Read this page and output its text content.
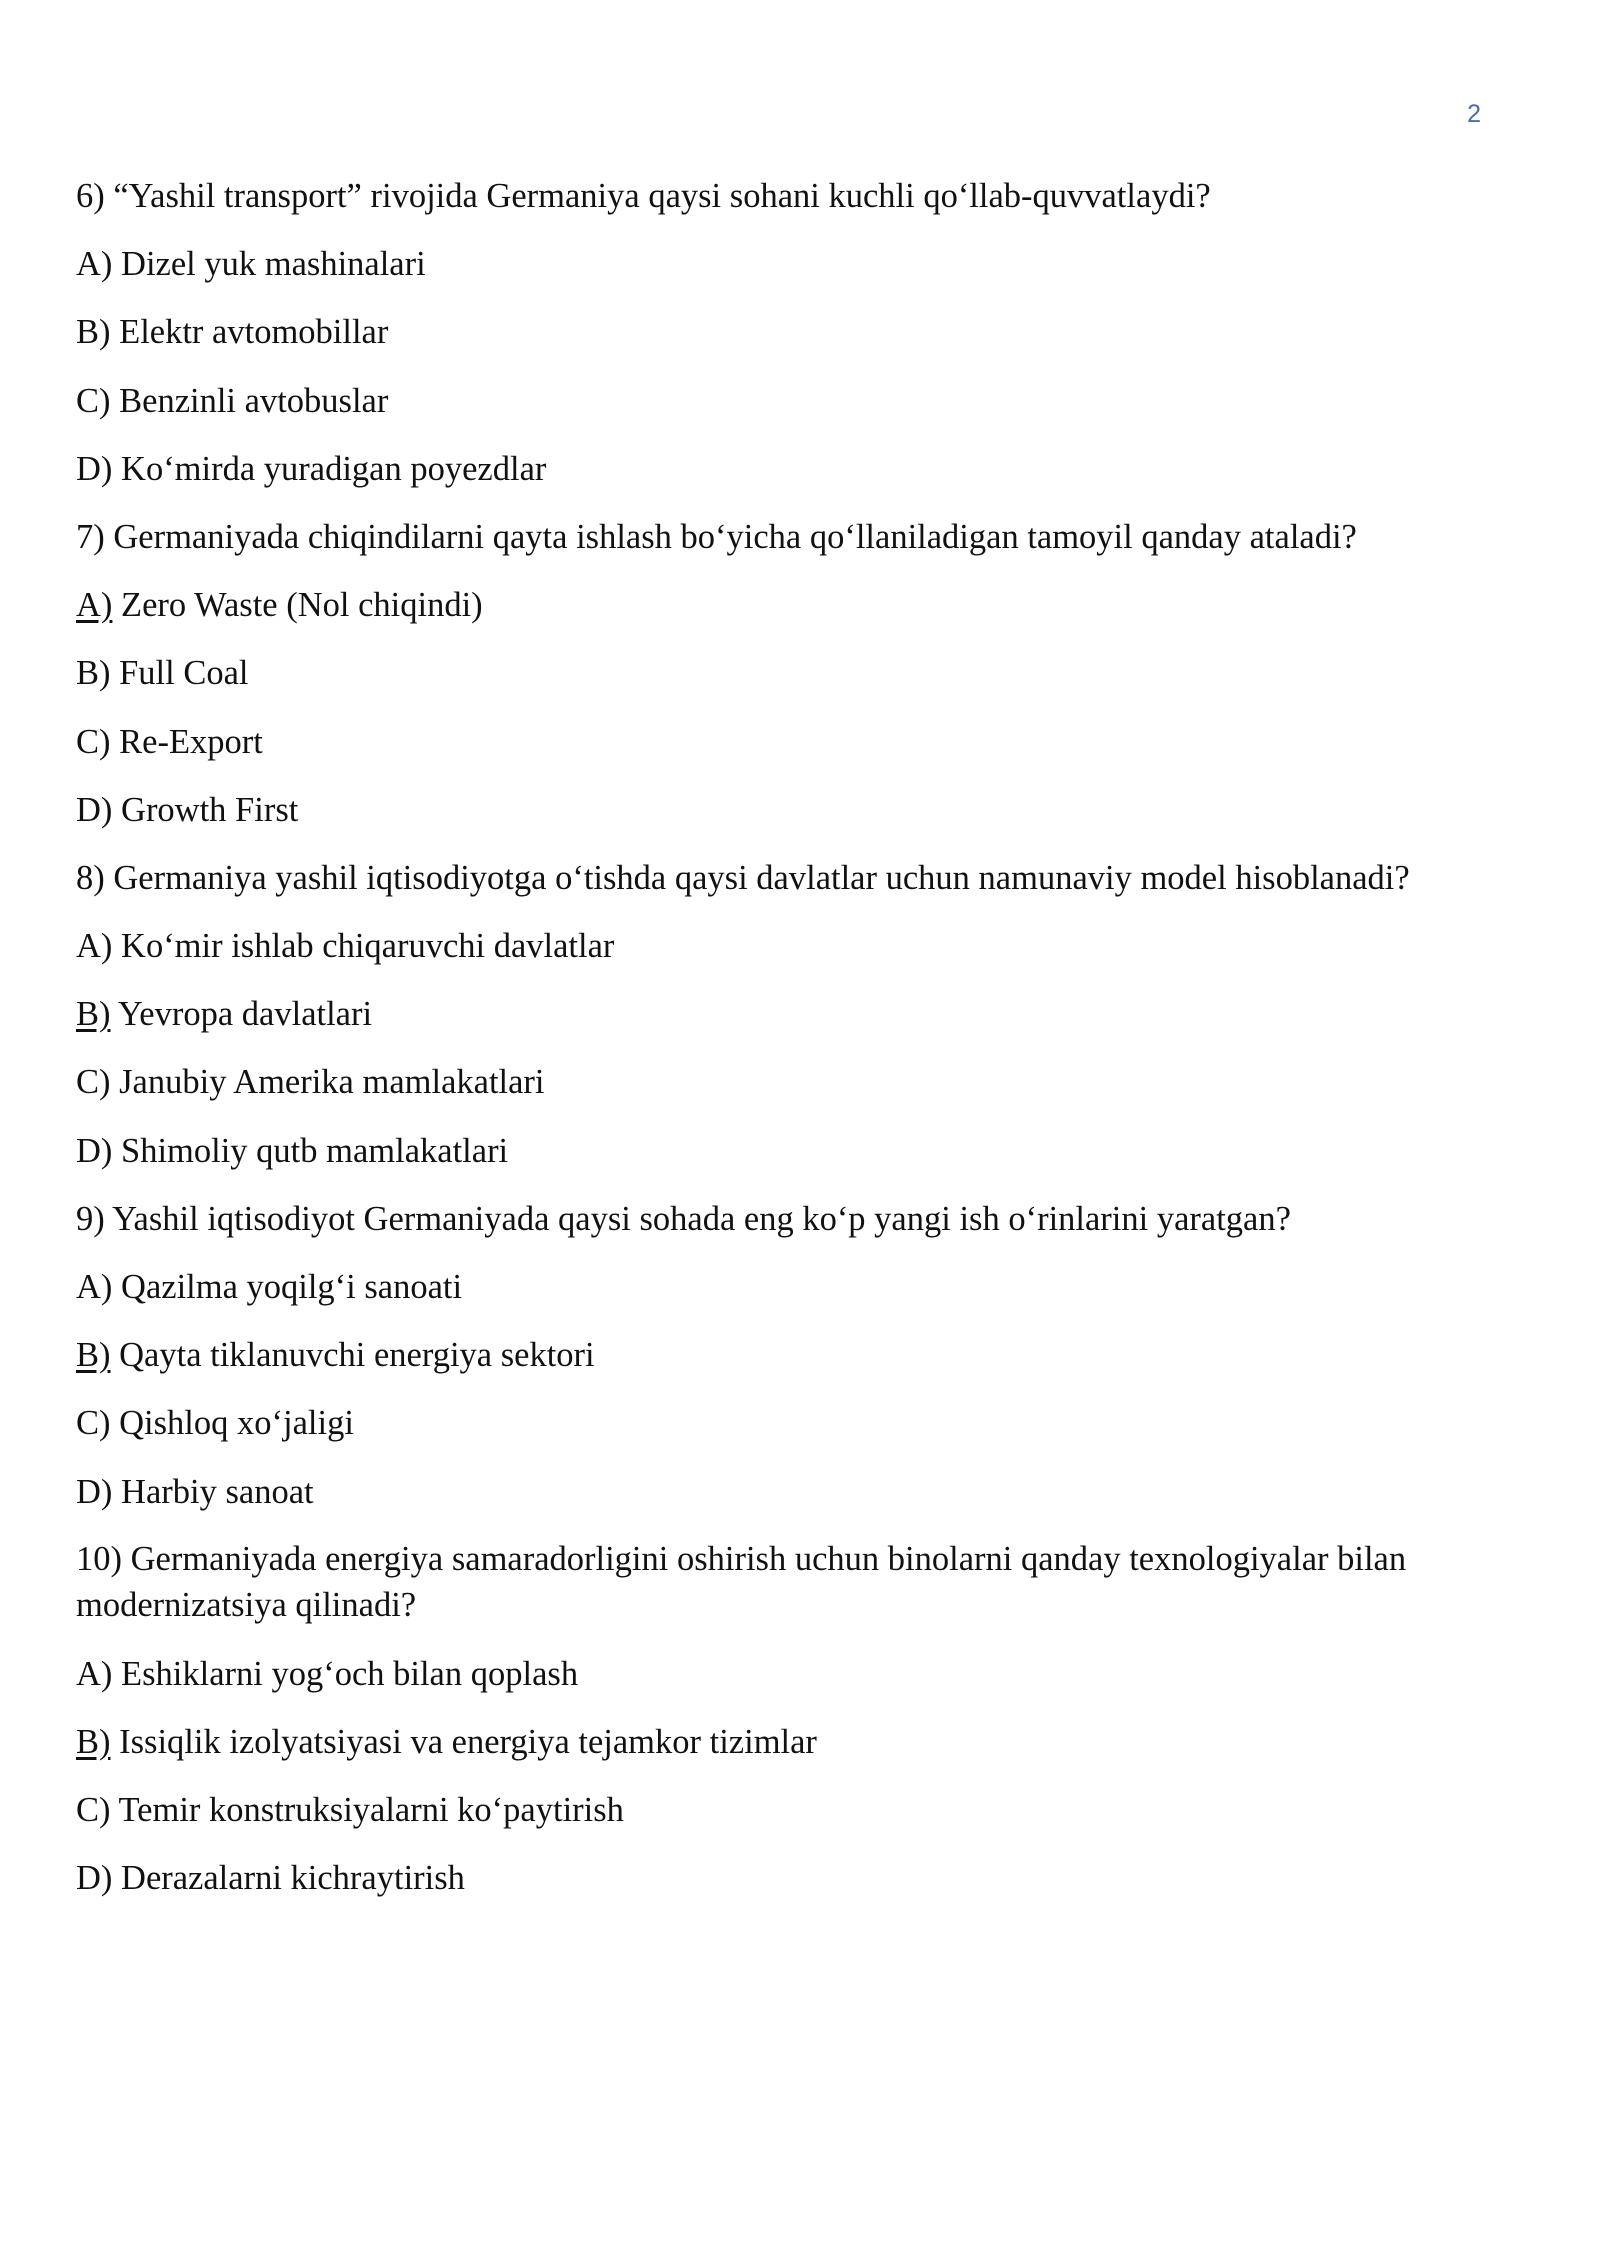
2

6) “Yashil transport” rivojida Germaniya qaysi sohani kuchli qo‘llab-quvvatlaydi?

A) Dizel yuk mashinalari

B) Elektr avtomobillar

C) Benzinli avtobuslar

D) Ko‘mirda yuradigan poyezdlar

7) Germaniyada chiqindilarni qayta ishlash bo‘yicha qo‘llaniladigan tamoyil qanday ataladi?

A) Zero Waste (Nol chiqindi)

B) Full Coal

C) Re-Export

D) Growth First

8) Germaniya yashil iqtisodiyotga o‘tishda qaysi davlatlar uchun namunaviy model hisoblanadi?

A) Ko‘mir ishlab chiqaruvchi davlatlar

B) Yevropa davlatlari

C) Janubiy Amerika mamlakatlari

D) Shimoliy qutb mamlakatlari

9) Yashil iqtisodiyot Germaniyada qaysi sohada eng ko‘p yangi ish o‘rinlarini yaratgan?

A) Qazilma yoqilg‘i sanoati

B) Qayta tiklanuvchi energiya sektori

C) Qishloq xo‘jaligi

D) Harbiy sanoat

10) Germaniyada energiya samaradorligini oshirish uchun binolarni qanday texnologiyalar bilan modernizatsiya qilinadi?

A) Eshiklarni yog‘och bilan qoplash

B) Issiqlik izolyatsiyasi va energiya tejamkor tizimlar

C) Temir konstruksiyalarni ko‘paytirish

D) Derazalarni kichraytirish
